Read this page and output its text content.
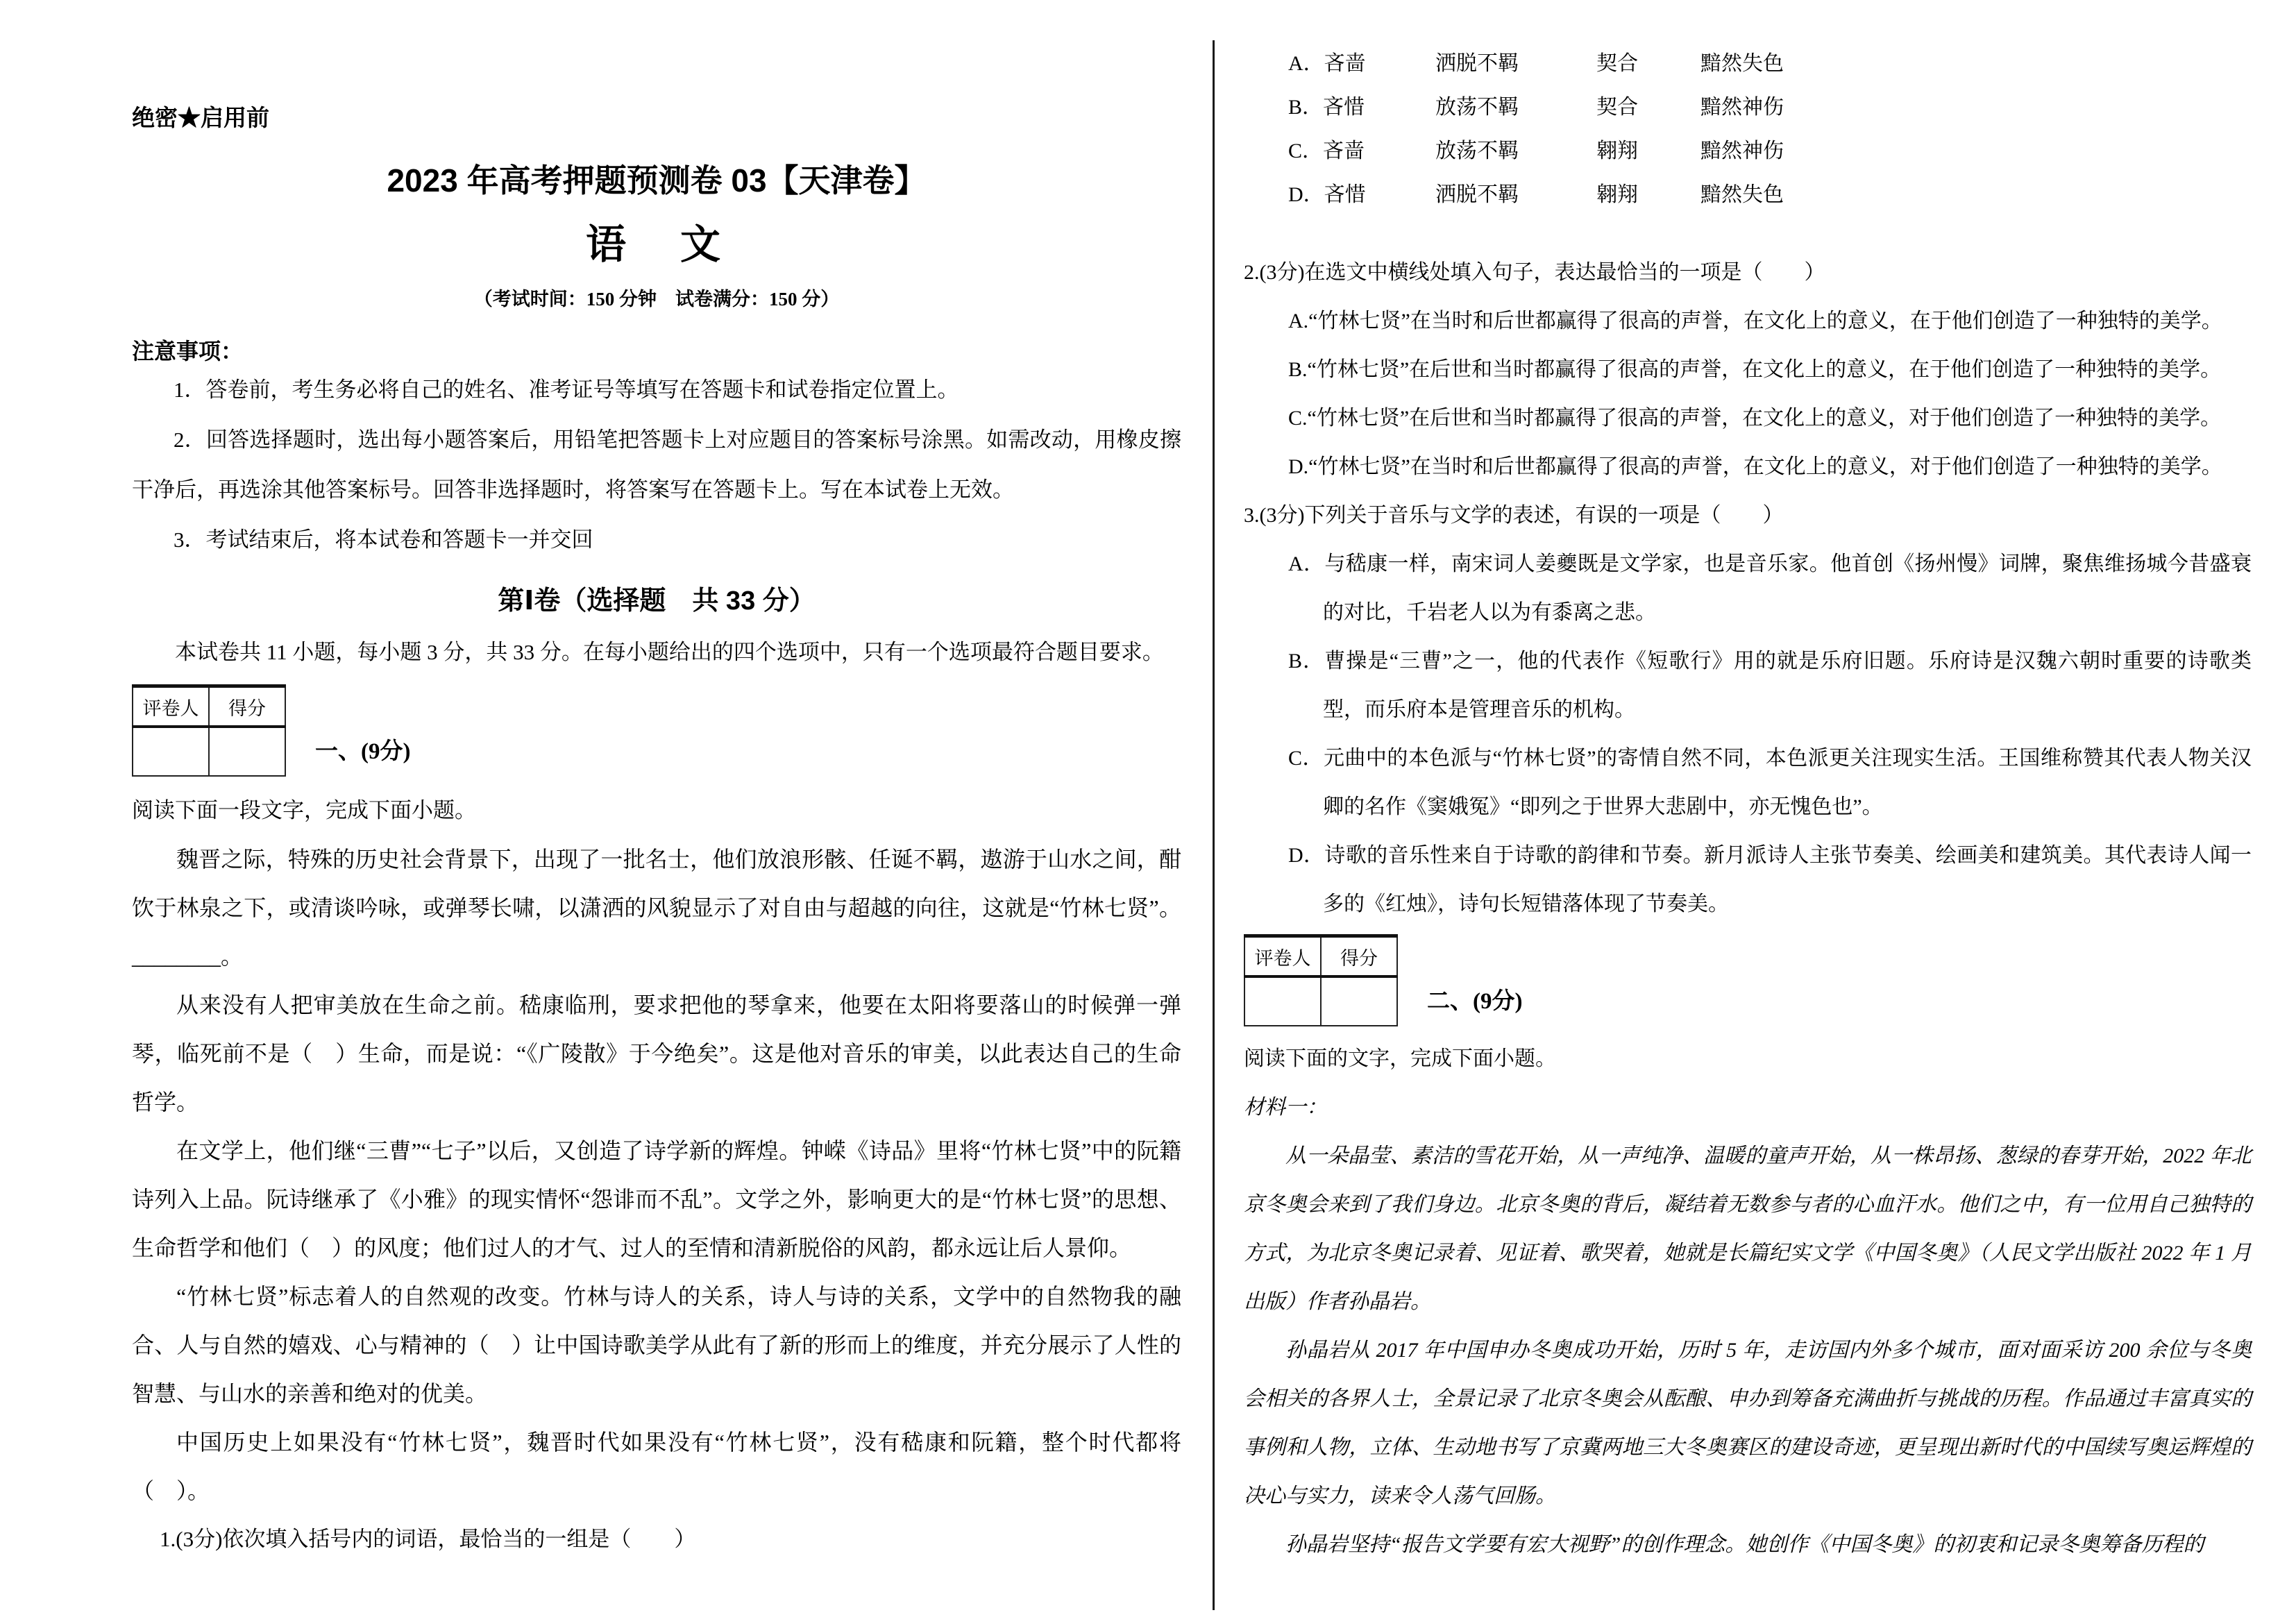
绝密★启用前
2023 年高考押题预测卷 03【天津卷】
语　文
（考试时间：150 分钟　试卷满分：150 分）
注意事项：

1．答卷前，考生务必将自己的姓名、准考证号等填写在答题卡和试卷指定位置上。

2．回答选择题时，选出每小题答案后，用铅笔把答题卡上对应题目的答案标号涂黑。如需改动，用橡皮擦干净后，再选涂其他答案标号。回答非选择题时，将答案写在答题卡上。写在本试卷上无效。

3．考试结束后，将本试卷和答题卡一并交回

第Ⅰ卷（选择题　共 33 分）

本试卷共 11 小题，每小题 3 分，共 33 分。在每小题给出的四个选项中，只有一个选项最符合题目要求。

评卷人	得分

一、(9分)

阅读下面一段文字，完成下面小题。

魏晋之际，特殊的历史社会背景下，出现了一批名士，他们放浪形骸、任诞不羁，遨游于山水之间，酣饮于林泉之下，或清谈吟咏，或弹琴长啸，以潇洒的风貌显示了对自由与超越的向往，这就是“竹林七贤”。________。

从来没有人把审美放在生命之前。嵇康临刑，要求把他的琴拿来，他要在太阳将要落山的时候弹一弹琴，临死前不是（　）生命，而是说：“《广陵散》于今绝矣”。这是他对音乐的审美，以此表达自己的生命哲学。

在文学上，他们继“三曹”“七子”以后，又创造了诗学新的辉煌。钟嵘《诗品》里将“竹林七贤”中的阮籍诗列入上品。阮诗继承了《小雅》的现实情怀“怨诽而不乱”。文学之外，影响更大的是“竹林七贤”的思想、生命哲学和他们（　）的风度；他们过人的才气、过人的至情和清新脱俗的风韵，都永远让后人景仰。

“竹林七贤”标志着人的自然观的改变。竹林与诗人的关系，诗人与诗的关系，文学中的自然物我的融合、人与自然的嬉戏、心与精神的（　）让中国诗歌美学从此有了新的形而上的维度，并充分展示了人性的智慧、与山水的亲善和绝对的优美。

中国历史上如果没有“竹林七贤”，魏晋时代如果没有“竹林七贤”，没有嵇康和阮籍，整个时代都将（　）。

1.(3分)依次填入括号内的词语，最恰当的一组是（　　）

A．吝啬	洒脱不羁	契合	黯然失色
B．吝惜	放荡不羁	契合	黯然神伤
C．吝啬	放荡不羁	翱翔	黯然神伤
D．吝惜	洒脱不羁	翱翔	黯然失色

2.(3分)在选文中横线处填入句子，表达最恰当的一项是（　　）

A.“竹林七贤”在当时和后世都赢得了很高的声誉，在文化上的意义，在于他们创造了一种独特的美学。

B.“竹林七贤”在后世和当时都赢得了很高的声誉，在文化上的意义，在于他们创造了一种独特的美学。

C.“竹林七贤”在后世和当时都赢得了很高的声誉，在文化上的意义，对于他们创造了一种独特的美学。

D.“竹林七贤”在当时和后世都赢得了很高的声誉，在文化上的意义，对于他们创造了一种独特的美学。

3.(3分)下列关于音乐与文学的表述，有误的一项是（　　）

A．与嵇康一样，南宋词人姜夔既是文学家，也是音乐家。他首创《扬州慢》词牌，聚焦维扬城今昔盛衰的对比，千岩老人以为有黍离之悲。

B．曹操是“三曹”之一，他的代表作《短歌行》用的就是乐府旧题。乐府诗是汉魏六朝时重要的诗歌类型，而乐府本是管理音乐的机构。

C．元曲中的本色派与“竹林七贤”的寄情自然不同，本色派更关注现实生活。王国维称赞其代表人物关汉卿的名作《窦娥冤》“即列之于世界大悲剧中，亦无愧色也”。

D．诗歌的音乐性来自于诗歌的韵律和节奏。新月派诗人主张节奏美、绘画美和建筑美。其代表诗人闻一多的《红烛》，诗句长短错落体现了节奏美。

评卷人	得分

二、(9分)

阅读下面的文字，完成下面小题。

材料一：

从一朵晶莹、素洁的雪花开始，从一声纯净、温暖的童声开始，从一株昂扬、葱绿的春芽开始，2022 年北京冬奥会来到了我们身边。北京冬奥的背后，凝结着无数参与者的心血汗水。他们之中，有一位用自己独特的方式，为北京冬奥记录着、见证着、歌哭着，她就是长篇纪实文学《中国冬奥》（人民文学出版社 2022 年 1 月出版）作者孙晶岩。

孙晶岩从 2017 年中国申办冬奥成功开始，历时 5 年，走访国内外多个城市，面对面采访 200 余位与冬奥会相关的各界人士，全景记录了北京冬奥会从酝酿、申办到筹备充满曲折与挑战的历程。作品通过丰富真实的事例和人物，立体、生动地书写了京冀两地三大冬奥赛区的建设奇迹，更呈现出新时代的中国续写奥运辉煌的决心与实力，读来令人荡气回肠。

孙晶岩坚持“报告文学要有宏大视野”的创作理念。她创作《中国冬奥》的初衷和记录冬奥筹备历程的
